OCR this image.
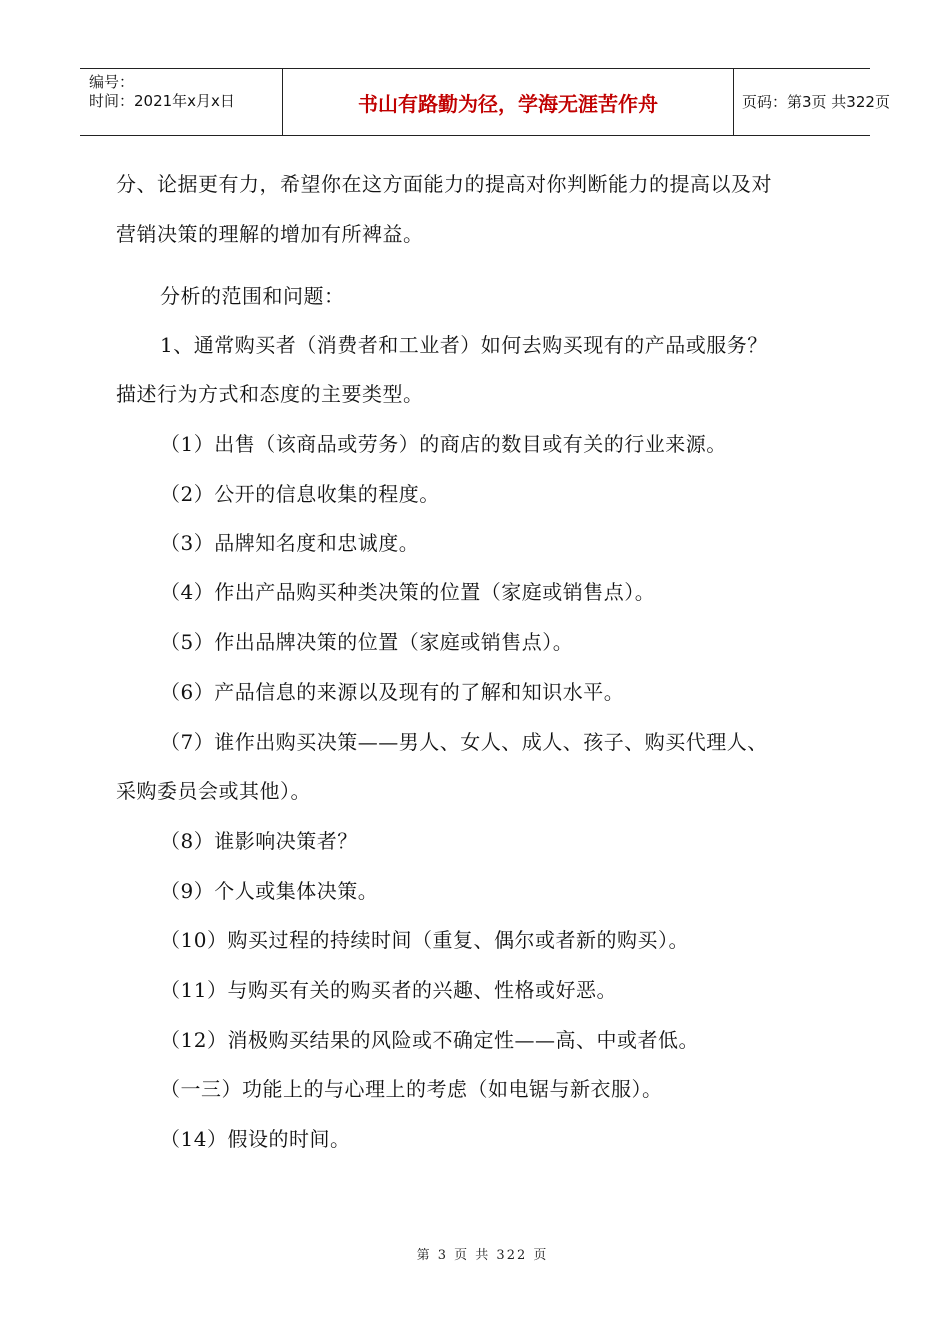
编号：
时间：2021年x月x日	书山有路勤为径，学海无涯苦作舟	页码：第3页 共322页
分、论据更有力，希望你在这方面能力的提高对你判断能力的提高以及对
营销决策的理解的增加有所裨益。
分析的范围和问题：
1、通常购买者（消费者和工业者）如何去购买现有的产品或服务？
描述行为方式和态度的主要类型。
（1）出售（该商品或劳务）的商店的数目或有关的行业来源。
（2）公开的信息收集的程度。
（3）品牌知名度和忠诚度。
（4）作出产品购买种类决策的位置（家庭或销售点）。
（5）作出品牌决策的位置（家庭或销售点）。
（6）产品信息的来源以及现有的了解和知识水平。
（7）谁作出购买决策——男人、女人、成人、孩子、购买代理人、
采购委员会或其他）。
（8）谁影响决策者？
（9）个人或集体决策。
（10）购买过程的持续时间（重复、偶尔或者新的购买）。
（11）与购买有关的购买者的兴趣、性格或好恶。
（12）消极购买结果的风险或不确定性——高、中或者低。
（一三）功能上的与心理上的考虑（如电锯与新衣服）。
（14）假设的时间。
第 3 页 共 322 页
